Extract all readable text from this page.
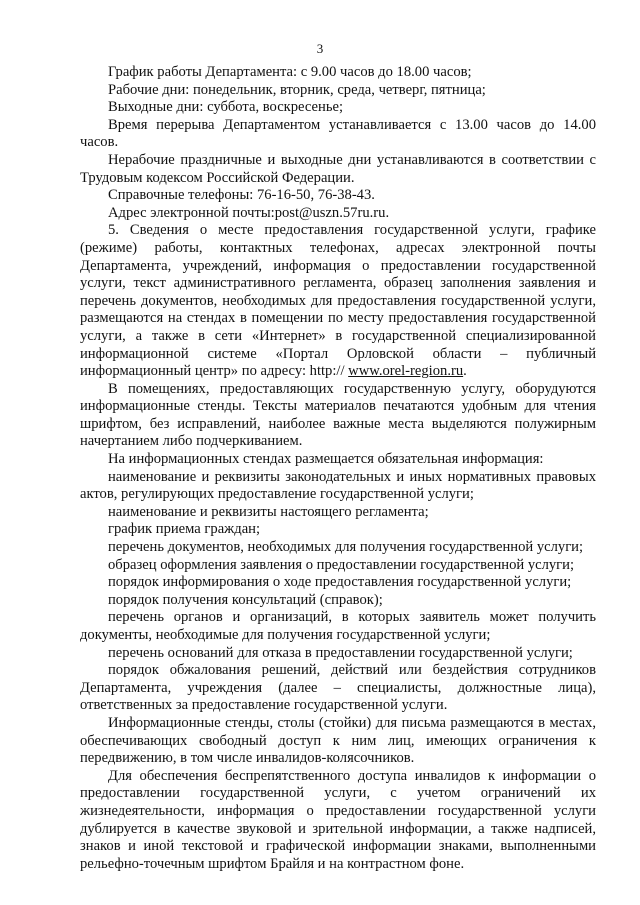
3

График работы Департамента: с 9.00 часов до 18.00 часов;

Рабочие дни: понедельник, вторник, среда, четверг, пятница;

Выходные дни: суббота, воскресенье;

Время перерыва Департаментом устанавливается с 13.00 часов до 14.00 часов.

Нерабочие праздничные и выходные дни устанавливаются в соответствии с Трудовым кодексом Российской Федерации.

Справочные телефоны: 76-16-50, 76-38-43.

Адрес электронной почты:post@uszn.57ru.ru.

5. Сведения о месте предоставления государственной услуги, графике (режиме) работы, контактных телефонах, адресах электронной почты Департамента, учреждений, информация о предоставлении государственной услуги, текст административного регламента, образец заполнения заявления и перечень документов, необходимых для предоставления государственной услуги, размещаются на стендах в помещении по месту предоставления государственной услуги, а также в сети «Интернет» в государственной специализированной информационной системе «Портал Орловской области – публичный информационный центр» по адресу: http:// www.orel-region.ru.

В помещениях, предоставляющих государственную услугу, оборудуются информационные стенды. Тексты материалов печатаются удобным для чтения шрифтом, без исправлений, наиболее важные места выделяются полужирным начертанием либо подчеркиванием.

На информационных стендах размещается обязательная информация:

наименование и реквизиты законодательных и иных нормативных правовых актов, регулирующих предоставление государственной услуги;

наименование и реквизиты настоящего регламента;

график приема граждан;

перечень документов, необходимых для получения государственной услуги;

образец оформления заявления о предоставлении государственной услуги;

порядок информирования о ходе предоставления государственной услуги;

порядок получения консультаций (справок);

перечень органов и организаций, в которых заявитель может получить документы, необходимые для получения государственной услуги;

перечень оснований для отказа в предоставлении государственной услуги;

порядок обжалования решений, действий или бездействия сотрудников Департамента, учреждения (далее – специалисты, должностные лица), ответственных за предоставление государственной услуги.

Информационные стенды, столы (стойки) для письма размещаются в местах, обеспечивающих свободный доступ к ним лиц, имеющих ограничения к передвижению, в том числе инвалидов-колясочников.

Для обеспечения беспрепятственного доступа инвалидов к информации о предоставлении государственной услуги, с учетом ограничений их жизнедеятельности, информация о предоставлении государственной услуги дублируется в качестве звуковой и зрительной информации, а также надписей, знаков и иной текстовой и графической информации знаками, выполненными рельефно-точечным шрифтом Брайля и на контрастном фоне.
